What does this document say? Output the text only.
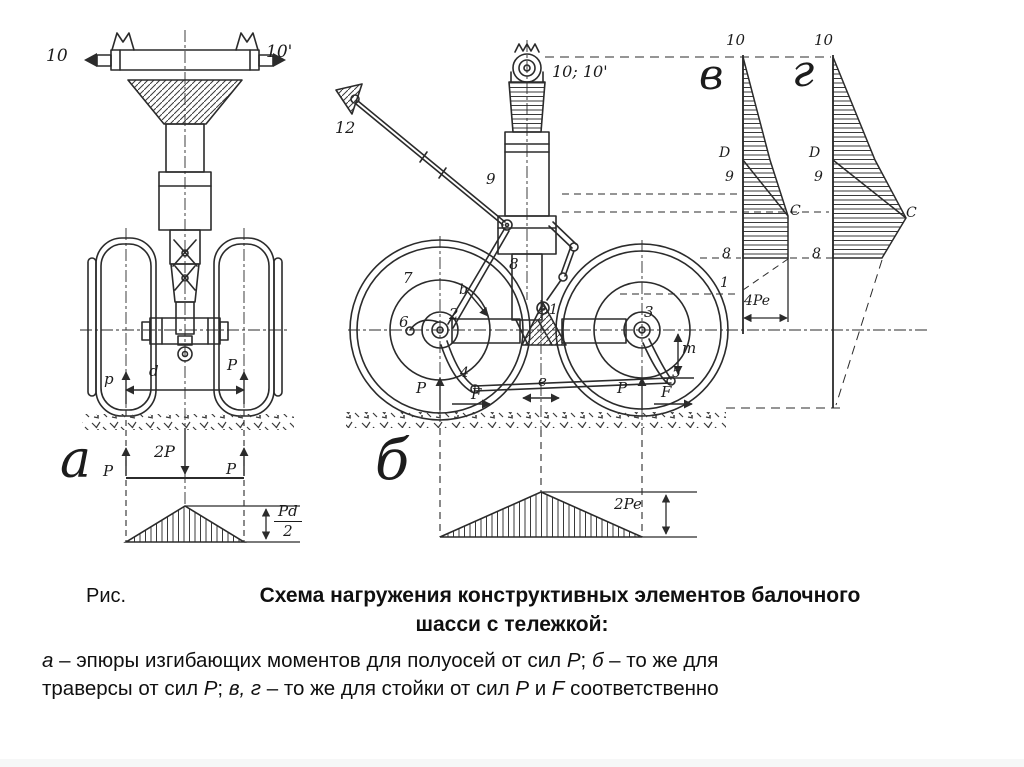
10	10'
p d	P
а	2P
P	P
$\frac{Pd}{2}$
10; 10'
12
9
8
7
6	2
b
1	3
4	5
m
e
P	F	P F
б
2Pe
в г
10	10
D
9
C
8
1
4Pe
D
9
C
8
Рис.	Схема нагружения конструктивных элементов балочного
шасси с тележкой:
а – эпюры изгибающих моментов для полуосей от сил P; б – то же для
траверсы от сил P; в, г – то же для стойки от сил P и F соответственно
